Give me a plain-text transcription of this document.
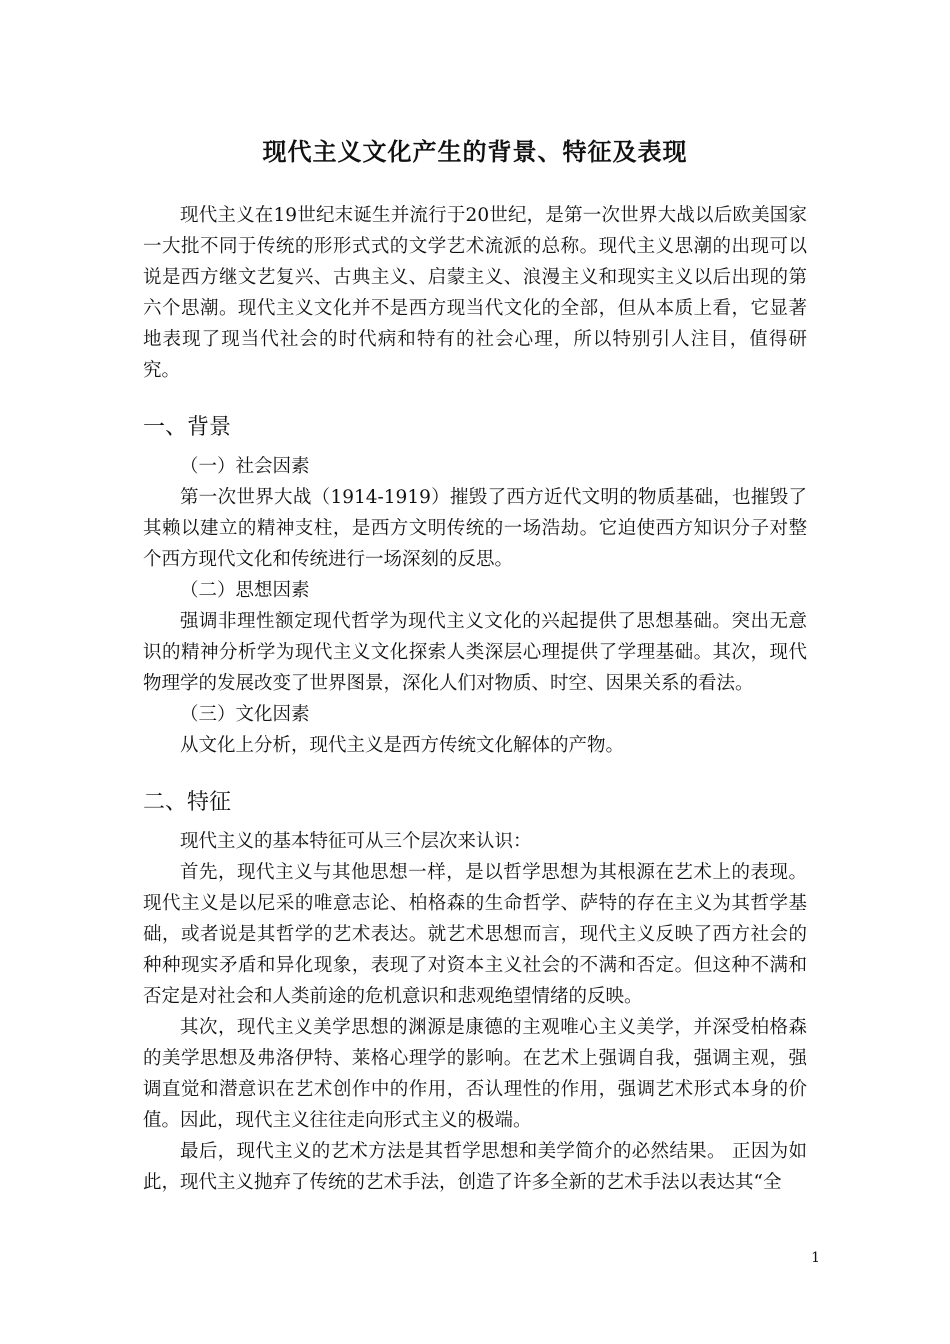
现代主义文化产生的背景、特征及表现

现代主义在19世纪末诞生并流行于20世纪，是第一次世界大战以后欧美国家一大批不同于传统的形形式式的文学艺术流派的总称。现代主义思潮的出现可以说是西方继文艺复兴、古典主义、启蒙主义、浪漫主义和现实主义以后出现的第六个思潮。现代主义文化并不是西方现当代文化的全部，但从本质上看，它显著地表现了现当代社会的时代病和特有的社会心理，所以特别引人注目，值得研究。

一、背景
（一）社会因素

第一次世界大战（1914-1919）摧毁了西方近代文明的物质基础，也摧毁了其赖以建立的精神支柱，是西方文明传统的一场浩劫。它迫使西方知识分子对整个西方现代文化和传统进行一场深刻的反思。

（二）思想因素

强调非理性额定现代哲学为现代主义文化的兴起提供了思想基础。突出无意识的精神分析学为现代主义文化探索人类深层心理提供了学理基础。其次，现代物理学的发展改变了世界图景，深化人们对物质、时空、因果关系的看法。

（三）文化因素

从文化上分析，现代主义是西方传统文化解体的产物。

二、特征

现代主义的基本特征可从三个层次来认识：

首先，现代主义与其他思想一样，是以哲学思想为其根源在艺术上的表现。现代主义是以尼采的唯意志论、柏格森的生命哲学、萨特的存在主义为其哲学基础，或者说是其哲学的艺术表达。就艺术思想而言，现代主义反映了西方社会的种种现实矛盾和异化现象，表现了对资本主义社会的不满和否定。但这种不满和否定是对社会和人类前途的危机意识和悲观绝望情绪的反映。

其次，现代主义美学思想的渊源是康德的主观唯心主义美学，并深受柏格森的美学思想及弗洛伊特、莱格心理学的影响。在艺术上强调自我，强调主观，强调直觉和潜意识在艺术创作中的作用，否认理性的作用，强调艺术形式本身的价值。因此，现代主义往往走向形式主义的极端。

最后，现代主义的艺术方法是其哲学思想和美学简介的必然结果。 正因为如此，现代主义抛弃了传统的艺术手法，创造了许多全新的艺术手法以表达其“全

1
